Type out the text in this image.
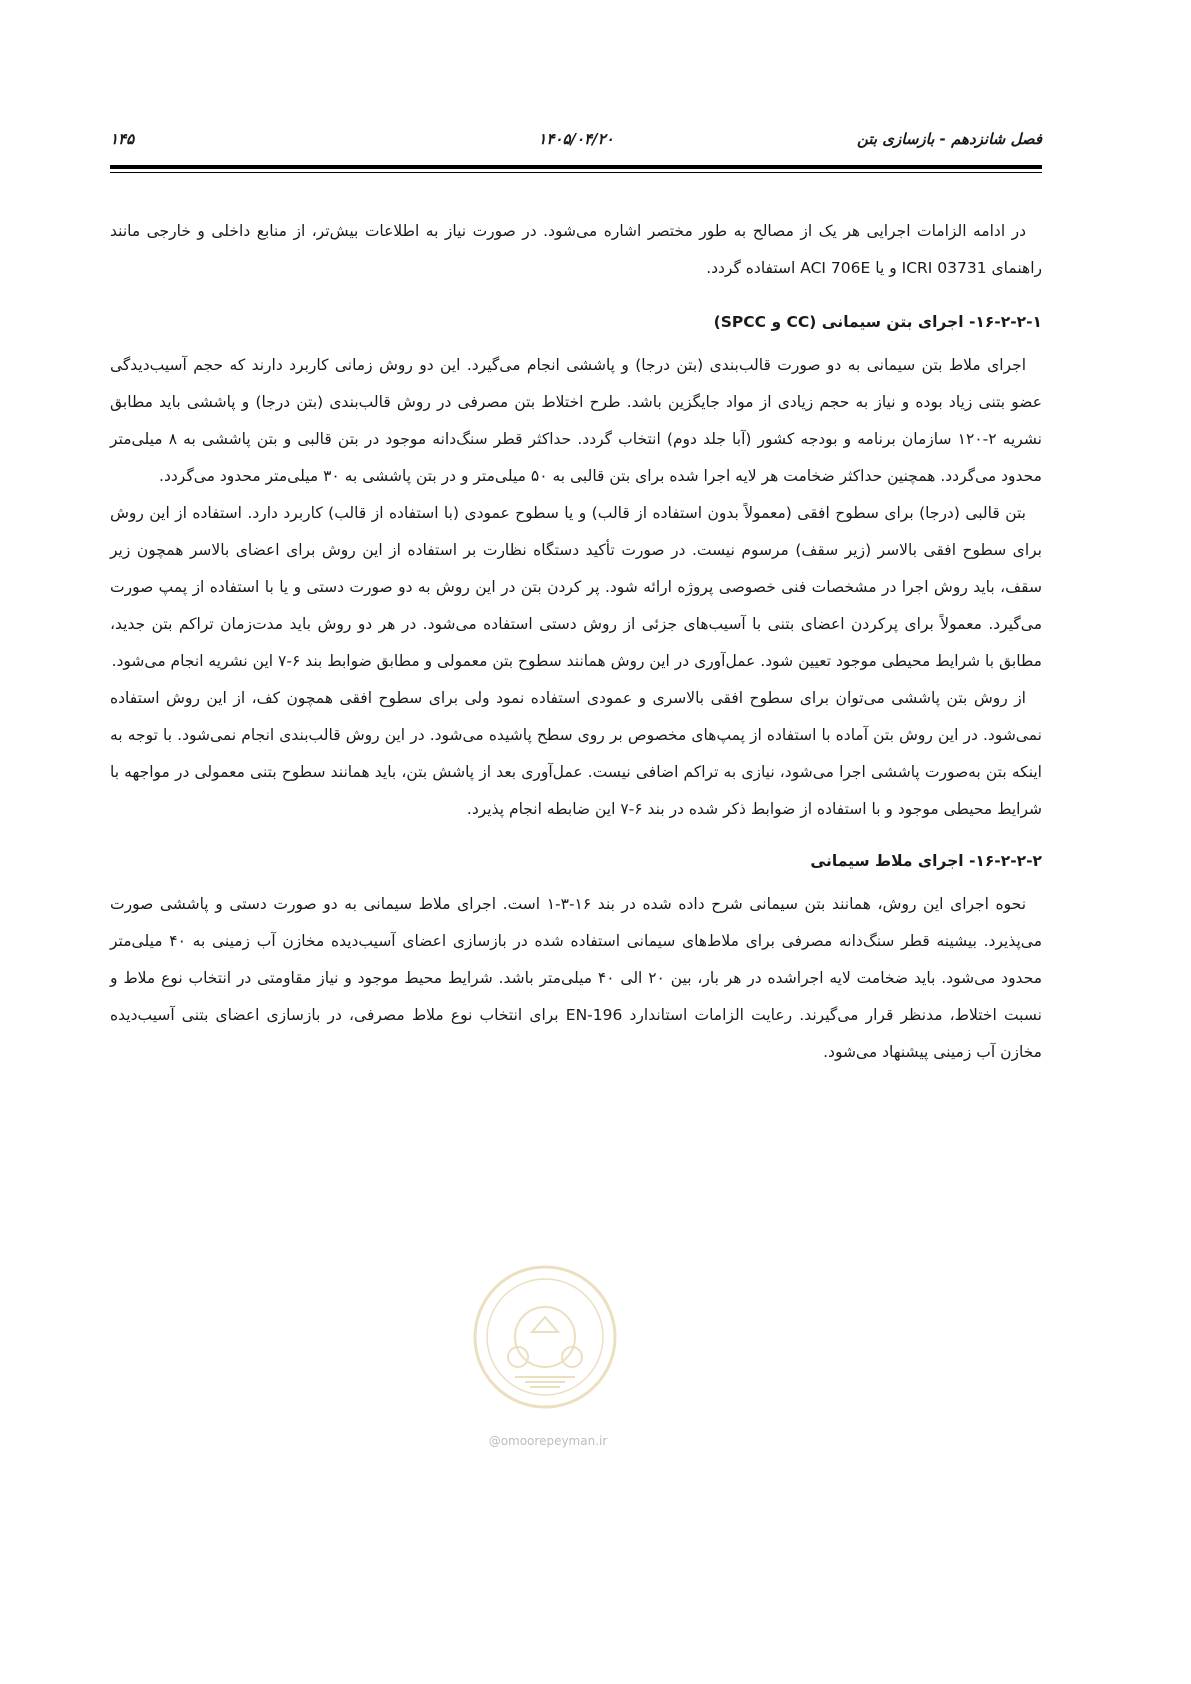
فصل شانزدهم - بازسازی بتن
۱۴۰۵/۰۴/۲۰
۱۴۵

در ادامه الزامات اجرایی هر یک از مصالح به طور مختصر اشاره می‌شود. در صورت نیاز به اطلاعات بیش‌تر، از منابع داخلی و خارجی مانند راهنمای ICRI 03731 و یا ACI 706E استفاده گردد.

۱۶-۲-۲-۱- اجرای بتن سیمانی (CC و SPCC)

اجرای ملاط بتن سیمانی به دو صورت قالب‌بندی (بتن درجا) و پاششی انجام می‌گیرد. این دو روش زمانی کاربرد دارند که حجم آسیب‌دیدگی عضو بتنی زیاد بوده و نیاز به حجم زیادی از مواد جایگزین باشد. طرح اختلاط بتن مصرفی در روش قالب‌بندی (بتن درجا) و پاششی باید مطابق نشریه ۲-۱۲۰ سازمان برنامه و بودجه کشور (آبا جلد دوم) انتخاب گردد. حداکثر قطر سنگ‌دانه موجود در بتن قالبی و بتن پاششی به ۸ میلی‌متر محدود می‌گردد. همچنین حداکثر ضخامت هر لایه اجرا شده برای بتن قالبی به ۵۰ میلی‌متر و در بتن پاششی به ۳۰ میلی‌متر محدود می‌گردد.

بتن قالبی (درجا) برای سطوح افقی (معمولاً بدون استفاده از قالب) و یا سطوح عمودی (با استفاده از قالب) کاربرد دارد. استفاده از این روش برای سطوح افقی بالاسر (زیر سقف) مرسوم نیست. در صورت تأکید دستگاه نظارت بر استفاده از این روش برای اعضای بالاسر همچون زیر سقف، باید روش اجرا در مشخصات فنی خصوصی پروژه ارائه شود. پر کردن بتن در این روش به دو صورت دستی و یا با استفاده از پمپ صورت می‌گیرد. معمولاً برای پرکردن اعضای بتنی با آسیب‌های جزئی از روش دستی استفاده می‌شود. در هر دو روش باید مدت‌زمان تراکم بتن جدید، مطابق با شرایط محیطی موجود تعیین شود. عمل‌آوری در این روش همانند سطوح بتن معمولی و مطابق ضوابط بند ۶-۷ این نشریه انجام می‌شود.

از روش بتن پاششی می‌توان برای سطوح افقی بالاسری و عمودی استفاده نمود ولی برای سطوح افقی همچون کف، از این روش استفاده نمی‌شود. در این روش بتن آماده با استفاده از پمپ‌های مخصوص بر روی سطح پاشیده می‌شود. در این روش قالب‌بندی انجام نمی‌شود. با توجه به اینکه بتن به‌صورت پاششی اجرا می‌شود، نیازی به تراکم اضافی نیست. عمل‌آوری بعد از پاشش بتن، باید همانند سطوح بتنی معمولی در مواجهه با شرایط محیطی موجود و با استفاده از ضوابط ذکر شده در بند ۶-۷ این ضابطه انجام پذیرد.

۱۶-۲-۲-۲- اجرای ملاط سیمانی

نحوه اجرای این روش، همانند بتن سیمانی شرح داده شده در بند ۱۶-۳-۱ است. اجرای ملاط سیمانی به دو صورت دستی و پاششی صورت می‌پذیرد. بیشینه قطر سنگ‌دانه مصرفی برای ملاط‌های سیمانی استفاده شده در بازسازی اعضای آسیب‌دیده مخازن آب زمینی به ۴۰ میلی‌متر محدود می‌شود. باید ضخامت لایه اجراشده در هر بار، بین ۲۰ الی ۴۰ میلی‌متر باشد. شرایط محیط موجود و نیاز مقاومتی در انتخاب نوع ملاط و نسبت اختلاط، مدنظر قرار می‌گیرند. رعایت الزامات استاندارد EN-196 برای انتخاب نوع ملاط مصرفی، در بازسازی اعضای بتنی آسیب‌دیده مخازن آب زمینی پیشنهاد می‌شود.

@omoorepeyman.ir
